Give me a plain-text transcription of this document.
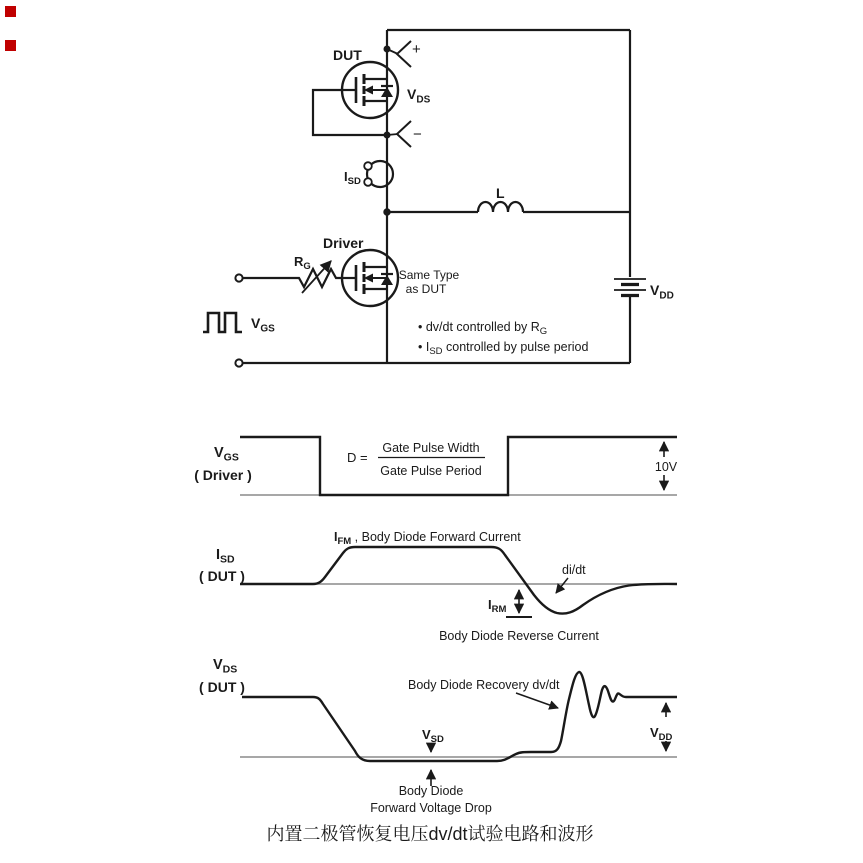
$V_{DD}$
+
−
DUT
$V_{DS}$
$I_{SD}$
L
Driver
Same Type
as DUT
$R_G$
$V_{GS}$	• dv/dt controlled by $R_G$
• $I_{SD}$ controlled by pulse period
$V_{GS}$
( Driver )
D =
Gate Pulse Width
Gate Pulse Period	10V
$I_{SD}$
( DUT )
$I_{FM}$ , Body Diode Forward Current
di/dt
$I_{RM}$
Body Diode Reverse Current
$V_{DS}$
( DUT )	Body Diode Recovery dv/dt
$V_{SD}$
Body Diode
Forward Voltage Drop
$V_{DD}$
内置二极管恢复电压dv/dt试验电路和波形
